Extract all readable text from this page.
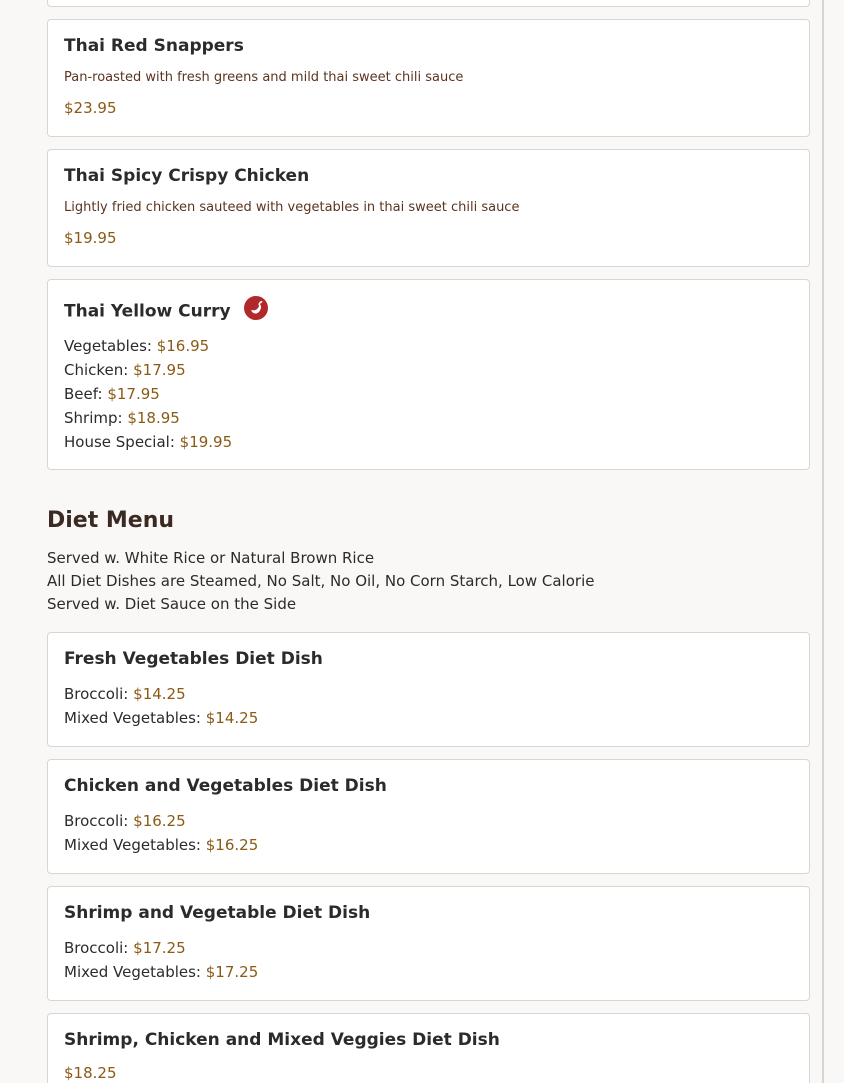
Thai Red Snappers
Pan-roasted with fresh greens and mild thai sweet chili sauce
$23.95
Thai Spicy Crispy Chicken
Lightly fried chicken sauteed with vegetables in thai sweet chili sauce
$19.95
Thai Yellow Curry
Vegetables: $16.95
Chicken: $17.95
Beef: $17.95
Shrimp: $18.95
House Special: $19.95
Diet Menu
Served w. White Rice or Natural Brown Rice
All Diet Dishes are Steamed, No Salt, No Oil, No Corn Starch, Low Calorie
Served w. Diet Sauce on the Side
Fresh Vegetables Diet Dish
Broccoli: $14.25
Mixed Vegetables: $14.25
Chicken and Vegetables Diet Dish
Broccoli: $16.25
Mixed Vegetables: $16.25
Shrimp and Vegetable Diet Dish
Broccoli: $17.25
Mixed Vegetables: $17.25
Shrimp, Chicken and Mixed Veggies Diet Dish
$18.25
